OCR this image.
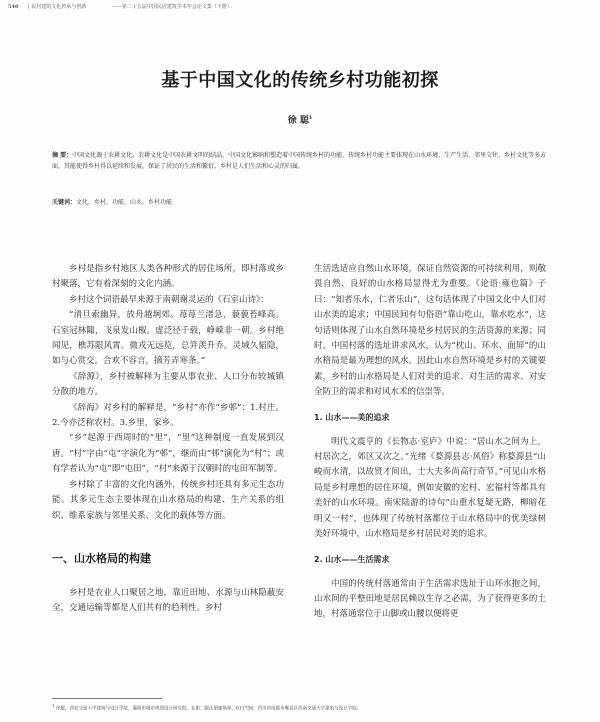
540 | 民居建筑文化传承与创新	——第二十五届中国民居建筑学术年会论文集（下册）
基于中国文化的传统乡村功能初探
徐 聪$^1$

摘 要：中国文化源于农耕文化，农耕文化是中国农耕文明的结晶。中国文化影响和塑造着中国传统乡村的功能。传统乡村功能主要体现在山水环境、生产生活、邻里交往、乡村文化等多方面，其能使得乡村得以延续和发展，保证了居民的生活和繁衍，乡村是人们生活和心灵的归属。

关键词：文化，乡村，功能，山水，乡村功能

乡村是指乡村地区人类各种形式的居住场所，即村落或乡村聚落，它有着深刻的文化内涵。

乡村这个词语最早来源于南朝谢灵运的《石室山诗》：

“清旦索幽异，放舟越坰郊。苺苺兰渚急，藐藐苔峰高。石室冠林陬，飞泉发山椒。虚泛径千载，峥嵘非一朝。乡村绝闻见，樵苏限风霄。微戎无远览，总笄羡升乔。灵域久韬隐，如与心赏交。合欢不容言，摘芳弄寒条。”

《辞源》，乡村被解释为主要从事农业、人口分布较城镇分散的地方。

《辞海》对乡村的解释是，“乡村”亦作“乡邨”：1.村庄。2.今亦泛称农村。3.乡里，家乡。

“乡”起源于西周时的“里”，“里”这种制度一直发展到汉唐。“村”字由“屯”字演化为“邨”，继而由“邨”演化为“村”；或有学者认为“屯”即“屯田”，“村”来源于汉朝时的屯田军制等。

乡村除了丰富的文化内涵外，传统乡村还具有多元生态功能。其多元生态主要体现在山水格局的构建、生产关系的组织、维系家族与邻里关系、文化的载体等方面。

一、山水格局的构建

乡村是农业人口聚居之地，靠近田地、水源与山林隐蔽安全，交通运输等都是人们共有的趋利性。乡村

生活选适应自然山水环境，保证自然资源的可持续利用，则敬畏自然、良好的山水格局显得尤为重要。《论语·雍也篇》子曰：“知者乐水，仁者乐山”，这句话体现了中国文化中人们对山水美的追求；中国民间有句俗语“靠山吃山，靠水吃水”，这句话则体现了山水自然环境是乡村居民的生活资源的来源；同时，中国村落的选址讲求风水，认为“枕山、环水、面屏”的山水格局是最为理想的风水。因此山水自然环境是乡村的关键要素，乡村的山水格局是人们对美的追求、对生活的需求、对安全防卫的需求和对风水术的信崇等。

1. 山水——美的追求

明代文震亨的《长物志·室庐》中说：“居山水之间为上，村居次之，郊区又次之。”光绪《婺源县志·风俗》称婺源县“山峻而水清，以故贤才间出，士大夫多尚高行奇节。”可见山水格局是乡村理想的居住环境，例如安徽的宏村、宏福村等都具有美好的山水环境。南宋陆游的诗句“山重水复疑无路，柳暗花明又一村”，也体现了传统村落都位于山水格局中的优美绿树美好环境中，山水格局是乡村居民对美的追求。

2. 山水——生活需求

中国的传统村落通常由于生活需求选址于山环水抱之间，山水间的平整田地是居民赖以生存之必需，为了获得更多的土地，村落通常位于山脚或山腰以便将更

$^1$ 徐聪，西安交通大学建筑与设计学院，襄阳市城市规划设计研究院，在职二级注册建筑师，611756，四川省成都市郫县区西南交通大学建筑与设计学院。
